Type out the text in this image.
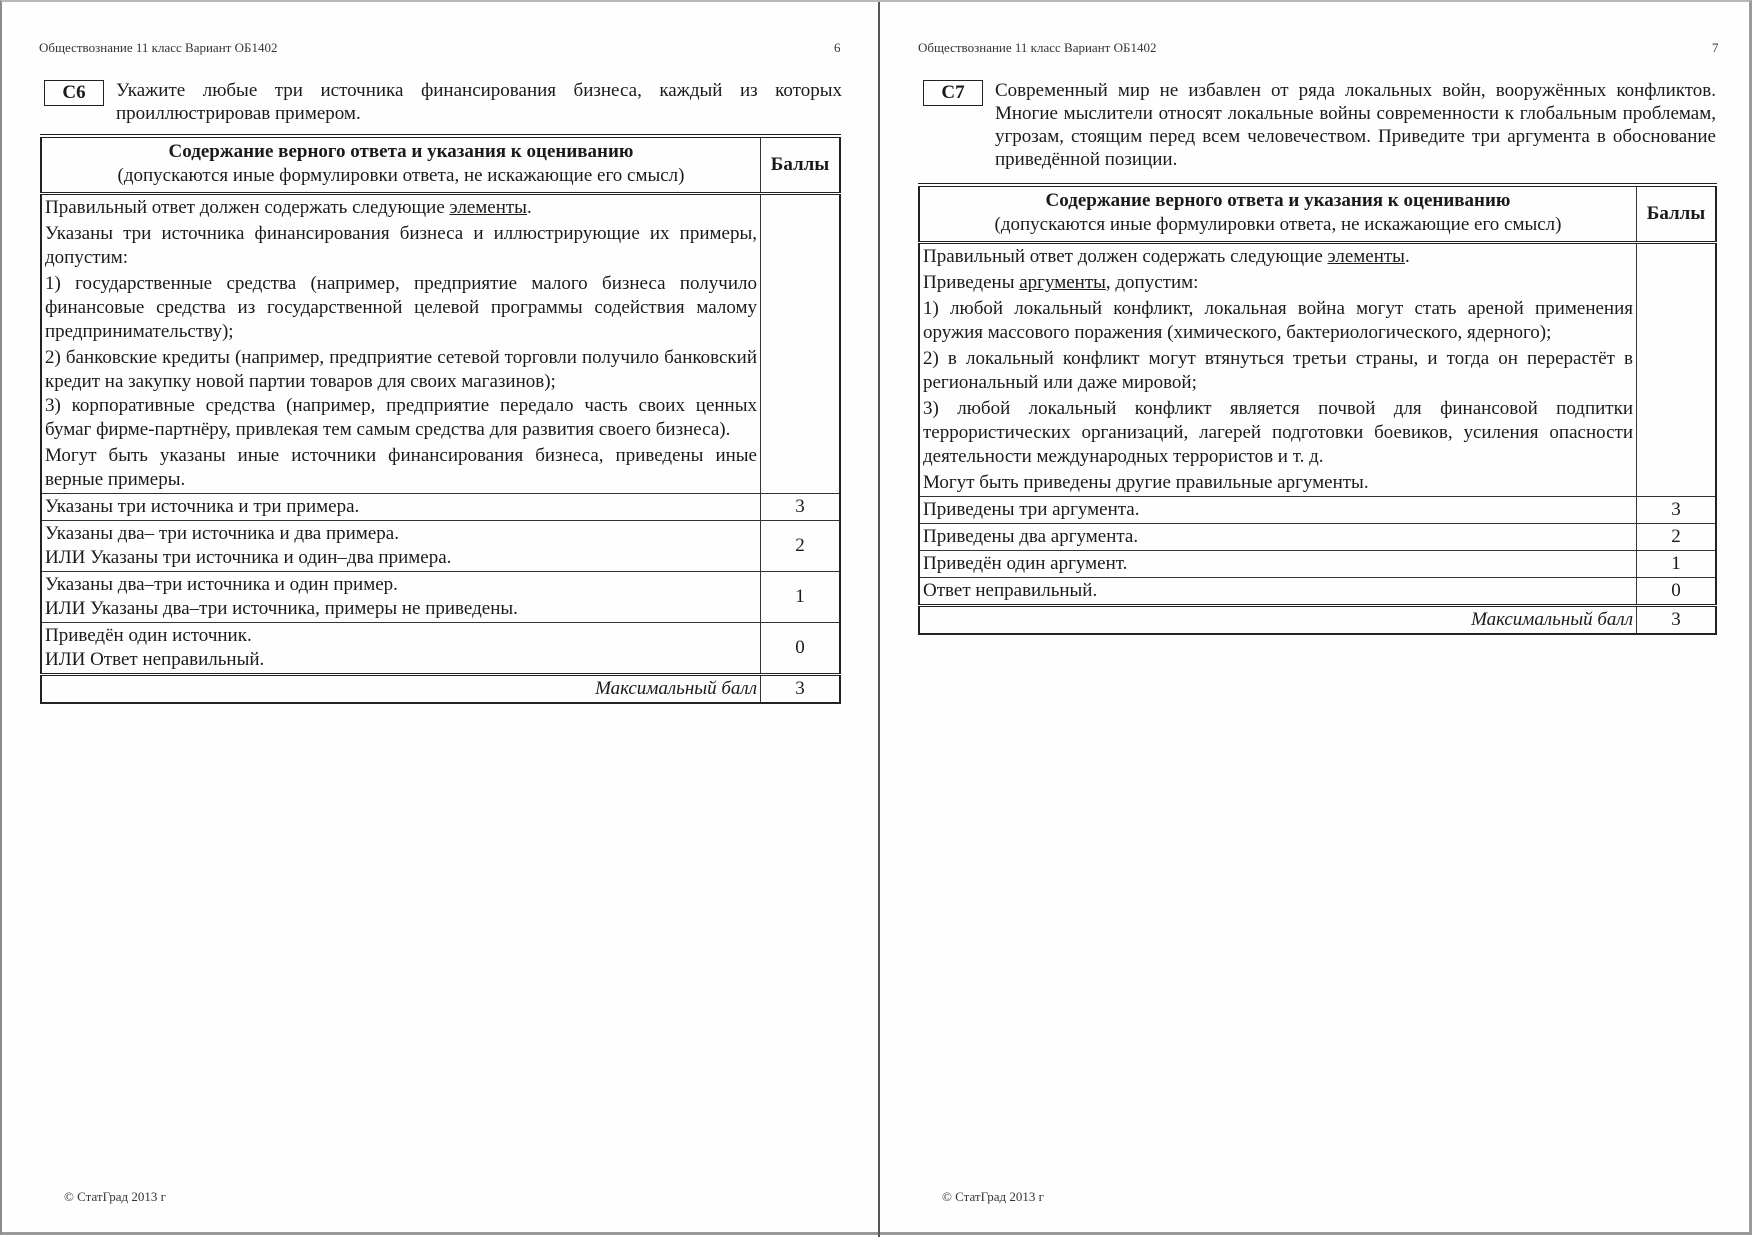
Обществознание 11 класс Вариант ОБ1402	6
С6	Укажите любые три источника финансирования бизнеса, каждый из которых проиллюстрировав примером.
Содержание верного ответа и указания к оцениванию
(допускаются иные формулировки ответа, не искажающие его смысл)	Баллы

Правильный ответ должен содержать следующие элементы.

Указаны три источника финансирования бизнеса и иллюстрирующие их примеры, допустим:

1) государственные средства (например, предприятие малого бизнеса получило финансовые средства из государственной целевой программы содействия малому предпринимательству);

2) банковские кредиты (например, предприятие сетевой торговли получило банковский кредит на закупку новой партии товаров для своих магазинов);

3) корпоративные средства (например, предприятие передало часть своих ценных бумаг фирме-партнёру, привлекая тем самым средства для развития своего бизнеса).

Могут быть указаны иные источники финансирования бизнеса, приведены иные верные примеры.

Указаны три источника и три примера.	3

Указаны два– три источника и два примера.
ИЛИ Указаны три источника и один–два примера.	2

Указаны два–три источника и один пример.
ИЛИ Указаны два–три источника, примеры не приведены.	1

Приведён один источник.
ИЛИ Ответ неправильный.	0
Максимальный балл	3
© СтатГрад 2013 г
Обществознание 11 класс Вариант ОБ1402	7
С7	Современный мир не избавлен от ряда локальных войн, вооружённых конфликтов. Многие мыслители относят локальные войны современности к глобальным проблемам, угрозам, стоящим перед всем человечеством. Приведите три аргумента в обоснование приведённой позиции.
Содержание верного ответа и указания к оцениванию
(допускаются иные формулировки ответа, не искажающие его смысл)	Баллы

Правильный ответ должен содержать следующие элементы.

Приведены аргументы, допустим:

1) любой локальный конфликт, локальная война могут стать ареной применения оружия массового поражения (химического, бактериологического, ядерного);

2) в локальный конфликт могут втянуться третьи страны, и тогда он перерастёт в региональный или даже мировой;

3) любой локальный конфликт является почвой для финансовой подпитки террористических организаций, лагерей подготовки боевиков, усиления опасности деятельности международных террористов и т. д.

Могут быть приведены другие правильные аргументы.

Приведены три аргумента.	3
Приведены два аргумента.	2
Приведён один аргумент.	1
Ответ неправильный.	0
Максимальный балл	3
© СтатГрад 2013 г
